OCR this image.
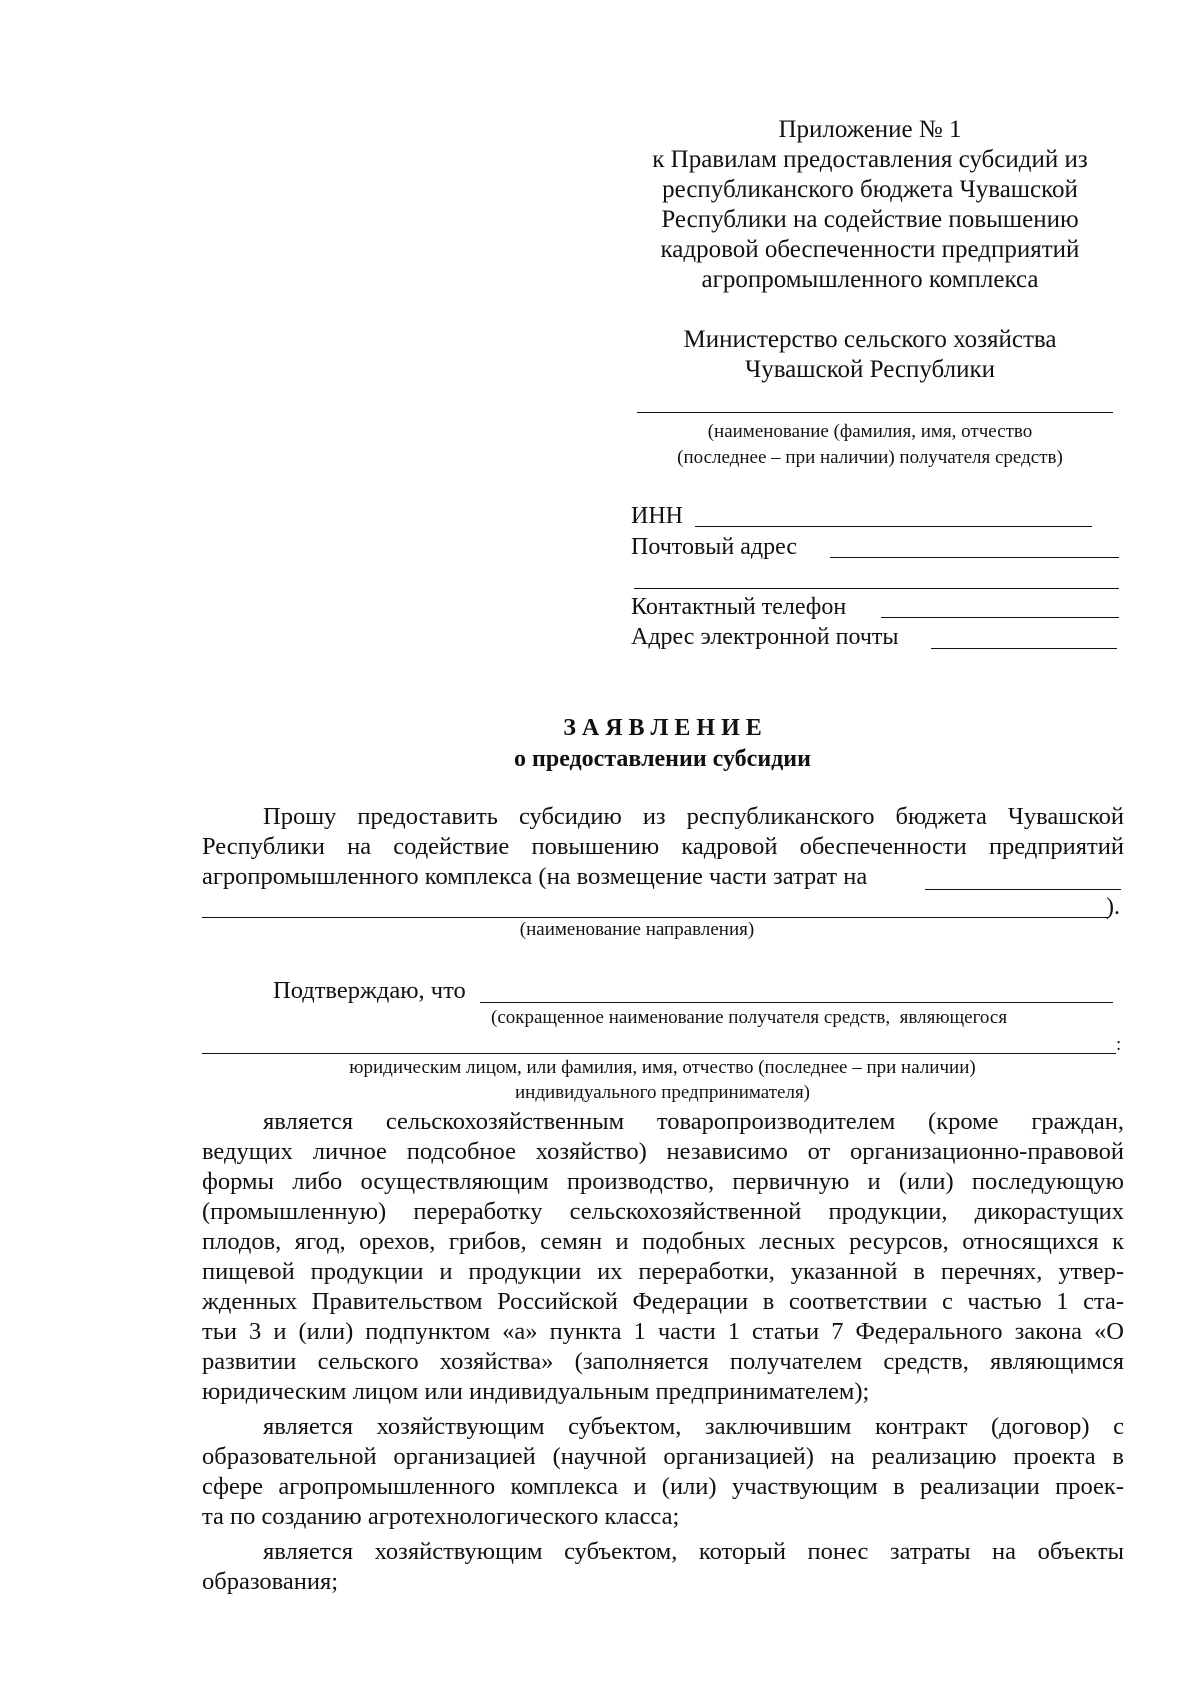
Приложение № 1
к Правилам предоставления субсидий из
республиканского бюджета Чувашской
Республики на содействие повышению
кадровой обеспеченности предприятий
агропромышленного комплекса
Министерство сельского хозяйства
Чувашской Республики
(наименование (фамилия, имя, отчество
(последнее – при наличии) получателя средств)
ИНН
Почтовый адрес
Контактный телефон
Адрес электронной почты
З А Я В Л Е Н И Е
о предоставлении субсидии
Прошу предоставить субсидию из республиканского бюджета Чувашской
Республики на содействие повышению кадровой обеспеченности предприятий
агропромышленного комплекса (на возмещение части затрат на
).
(наименование направления)
Подтверждаю, что
(сокращенное наименование получателя средств,  являющегося
:
юридическим лицом, или фамилия, имя, отчество (последнее – при наличии)
индивидуального предпринимателя)
является сельскохозяйственным товаропроизводителем (кроме граждан,
ведущих личное подсобное хозяйство) независимо от организационно-правовой
формы либо осуществляющим производство, первичную и (или) последующую
(промышленную) переработку сельскохозяйственной продукции, дикорастущих
плодов, ягод, орехов, грибов, семян и подобных лесных ресурсов, относящихся к
пищевой продукции и продукции их переработки, указанной в перечнях, утвер-
жденных Правительством Российской Федерации в соответствии с частью 1 ста-
тьи 3 и (или) подпунктом «а» пункта 1 части 1 статьи 7 Федерального закона «О
развитии сельского хозяйства» (заполняется получателем средств, являющимся
юридическим лицом или индивидуальным предпринимателем);
является хозяйствующим субъектом, заключившим контракт (договор) с
образовательной организацией (научной организацией) на реализацию проекта в
сфере агропромышленного комплекса и (или) участвующим в реализации проек-
та по созданию агротехнологического класса;
является хозяйствующим субъектом, который понес затраты на объекты
образования;
